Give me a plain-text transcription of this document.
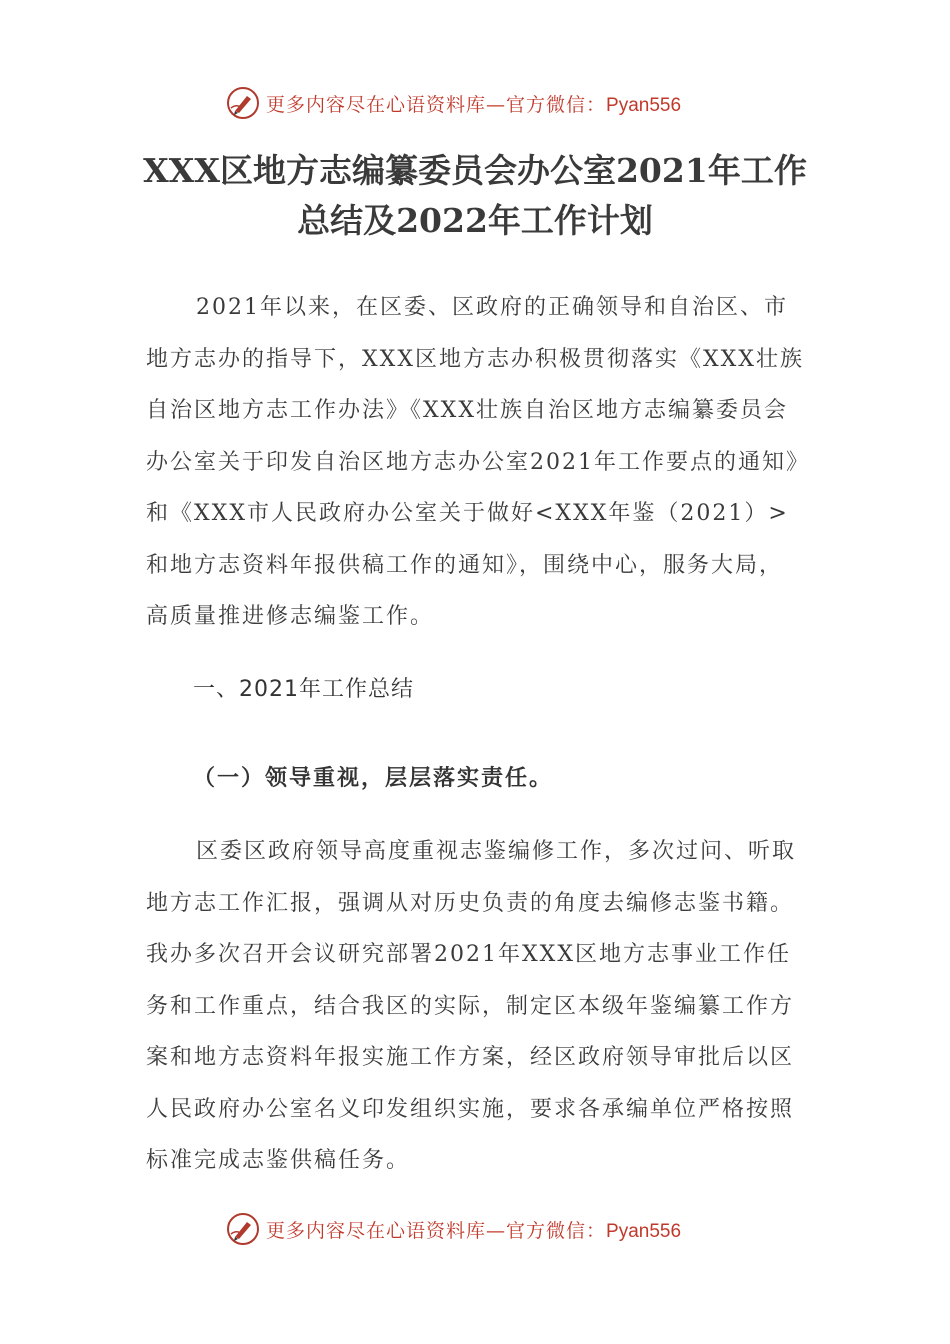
更多内容尽在心语资料库—官方微信：Pyan556
XXX区地方志编纂委员会办公室2021年工作
总结及2022年工作计划

2021年以来，在区委、区政府的正确领导和自治区、市地方志办的指导下，XXX区地方志办积极贯彻落实《XXX壮族自治区地方志工作办法》《XXX壮族自治区地方志编纂委员会办公室关于印发自治区地方志办公室2021年工作要点的通知》和《XXX市人民政府办公室关于做好<XXX年鉴（2021）>和地方志资料年报供稿工作的通知》，围绕中心，服务大局，高质量推进修志编鉴工作。

一、2021年工作总结

（一）领导重视，层层落实责任。

区委区政府领导高度重视志鉴编修工作，多次过问、听取地方志工作汇报，强调从对历史负责的角度去编修志鉴书籍。我办多次召开会议研究部署2021年XXX区地方志事业工作任务和工作重点，结合我区的实际，制定区本级年鉴编纂工作方案和地方志资料年报实施工作方案，经区政府领导审批后以区人民政府办公室名义印发组织实施，要求各承编单位严格按照标准完成志鉴供稿任务。

更多内容尽在心语资料库—官方微信：Pyan556
